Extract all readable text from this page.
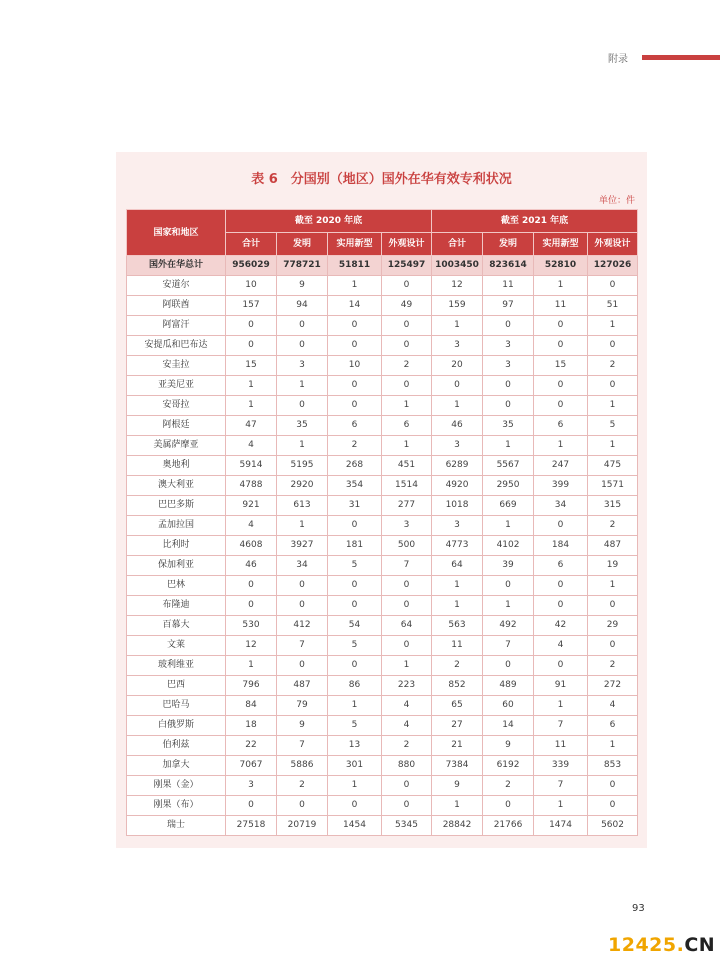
附录
表 6　分国别（地区）国外在华有效专利状况
单位：件
国家和地区	截至 2020 年底				截至 2021 年底			
	合计	发明	实用新型	外观设计	合计	发明	实用新型	外观设计
国外在华总计	956029	778721	51811	125497	1003450	823614	52810	127026
安道尔	10	9	1	0	12	11	1	0
阿联酋	157	94	14	49	159	97	11	51
阿富汗	0	0	0	0	1	0	0	1
安提瓜和巴布达	0	0	0	0	3	3	0	0
安圭拉	15	3	10	2	20	3	15	2
亚美尼亚	1	1	0	0	0	0	0	0
安哥拉	1	0	0	1	1	0	0	1
阿根廷	47	35	6	6	46	35	6	5
美属萨摩亚	4	1	2	1	3	1	1	1
奥地利	5914	5195	268	451	6289	5567	247	475
澳大利亚	4788	2920	354	1514	4920	2950	399	1571
巴巴多斯	921	613	31	277	1018	669	34	315
孟加拉国	4	1	0	3	3	1	0	2
比利时	4608	3927	181	500	4773	4102	184	487
保加利亚	46	34	5	7	64	39	6	19
巴林	0	0	0	0	1	0	0	1
布隆迪	0	0	0	0	1	1	0	0
百慕大	530	412	54	64	563	492	42	29
文莱	12	7	5	0	11	7	4	0
玻利维亚	1	0	0	1	2	0	0	2
巴西	796	487	86	223	852	489	91	272
巴哈马	84	79	1	4	65	60	1	4
白俄罗斯	18	9	5	4	27	14	7	6
伯利兹	22	7	13	2	21	9	11	1
加拿大	7067	5886	301	880	7384	6192	339	853
刚果（金）	3	2	1	0	9	2	7	0
刚果（布）	0	0	0	0	1	0	1	0
瑞士	27518	20719	1454	5345	28842	21766	1474	5602
93
12425.CN
